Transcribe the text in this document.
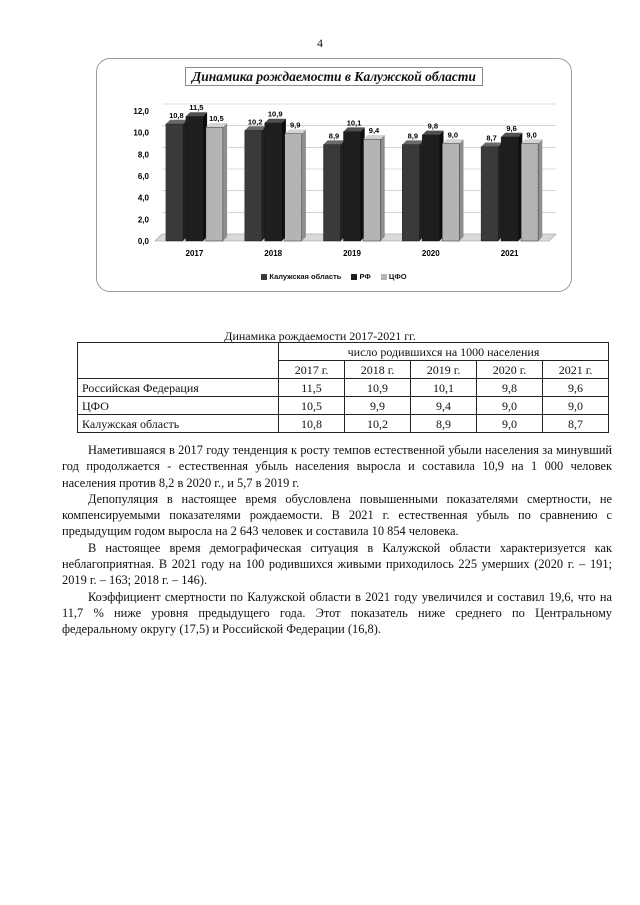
4
0,0
2,0
4,0
6,0
8,0
10,0
12,0	10,8
11,5
10,5
2017
10,2
10,9
9,9
2018
8,9
10,1
9,4
2019
8,9
9,8
9,0
2020
8,7
9,6
9,0
2021
Динамика рождаемости в Калужской области
Калужская область РФ ЦФО
Динамика рождаемости 2017-2021 гг.
	число родившихся на 1000 населения				
	2017 г.	2018 г.	2019 г.	2020 г.	2021 г.
Российская Федерация	11,5	10,9	10,1	9,8	9,6
ЦФО	10,5	9,9	9,4	9,0	9,0
Калужская область	10,8	10,2	8,9	9,0	8,7

Наметившаяся в 2017 году тенденция к росту темпов естественной убыли населения за минувший год продолжается - естественная убыль населения выросла и составила 10,9 на 1 000 человек населения против 8,2 в 2020 г., и 5,7 в 2019 г.

Депопуляция в настоящее время обусловлена повышенными показателями смертности, не компенсируемыми показателями рождаемости. В 2021 г. естественная убыль по сравнению с предыдущим годом выросла на 2 643 человек и составила 10 854 человека.

В настоящее время демографическая ситуация в Калужской области характеризуется как неблагоприятная. В 2021 году на 100 родившихся живыми приходилось 225 умерших (2020 г. – 191; 2019 г. – 163; 2018 г. – 146).

Коэффициент смертности по Калужской области в 2021 году увеличился и составил 19,6, что на 11,7 % ниже уровня предыдущего года. Этот показатель ниже среднего по Центральному федеральному округу (17,5) и Российской Федерации (16,8).
